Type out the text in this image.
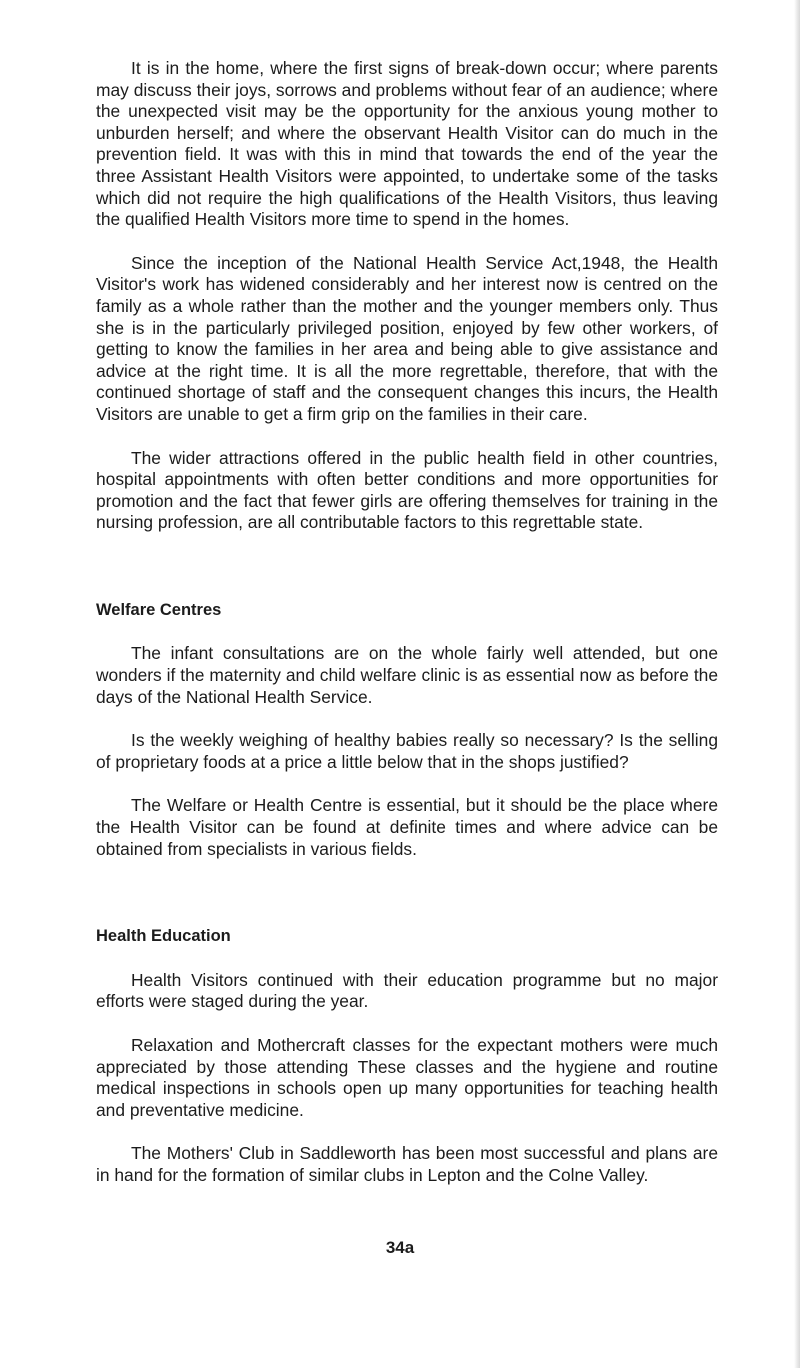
It is in the home, where the first signs of break-down occur; where parents may discuss their joys, sorrows and problems without fear of an audience; where the unexpected visit may be the opportunity for the anxious young mother to unburden herself; and where the observant Health Visitor can do much in the prevention field. It was with this in mind that towards the end of the year the three Assistant Health Visitors were appointed, to undertake some of the tasks which did not require the high qualifications of the Health Visitors, thus leaving the qualified Health Visitors more time to spend in the homes.

Since the inception of the National Health Service Act,1948, the Health Visitor's work has widened considerably and her interest now is centred on the family as a whole rather than the mother and the younger members only. Thus she is in the particularly privileged position, enjoyed by few other workers, of getting to know the families in her area and being able to give assistance and advice at the right time. It is all the more regrettable, therefore, that with the continued shortage of staff and the consequent changes this incurs, the Health Visitors are unable to get a firm grip on the families in their care.

The wider attractions offered in the public health field in other countries, hospital appointments with often better conditions and more opportunities for promotion and the fact that fewer girls are offering themselves for training in the nursing profession, are all contributable factors to this regrettable state.

Welfare Centres

The infant consultations are on the whole fairly well attended, but one wonders if the maternity and child welfare clinic is as essential now as before the days of the National Health Service.

Is the weekly weighing of healthy babies really so necessary? Is the selling of proprietary foods at a price a little below that in the shops justified?

The Welfare or Health Centre is essential, but it should be the place where the Health Visitor can be found at definite times and where advice can be obtained from specialists in various fields.

Health Education

Health Visitors continued with their education programme but no major efforts were staged during the year.

Relaxation and Mothercraft classes for the expectant mothers were much appreciated by those attending These classes and the hygiene and routine medical inspections in schools open up many opportunities for teaching health and preventative medicine.

The Mothers' Club in Saddleworth has been most successful and plans are in hand for the formation of similar clubs in Lepton and the Colne Valley.

34a
